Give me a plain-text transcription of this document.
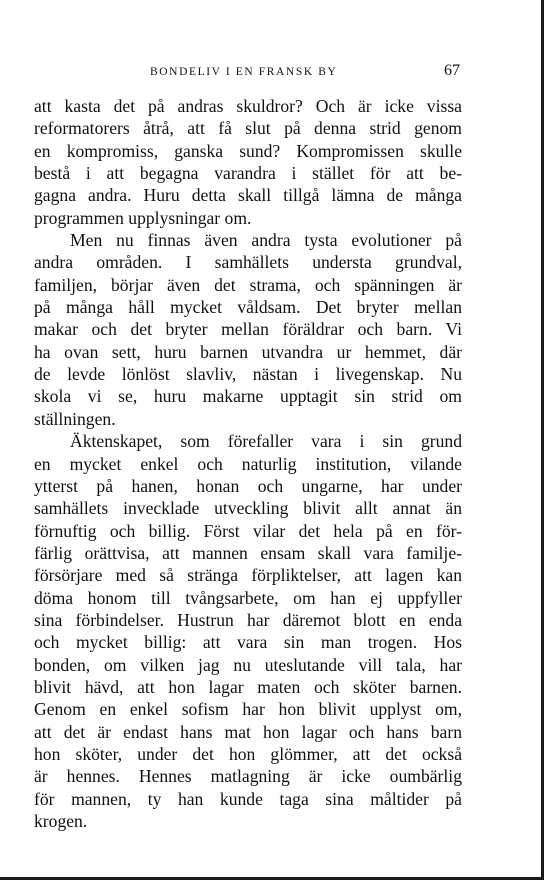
BONDELIV I EN FRANSK BY	67
att kasta det på andras skuldror? Och är icke vissa
reformatorers åtrå, att få slut på denna strid genom
en kompromiss, ganska sund? Kompromissen skulle
bestå i att begagna varandra i stället för att be-
gagna andra. Huru detta skall tillgå lämna de många
programmen upplysningar om.
Men nu finnas även andra tysta evolutioner på
andra områden. I samhällets understa grundval,
familjen, börjar även det strama, och spänningen är
på många håll mycket våldsam. Det bryter mellan
makar och det bryter mellan föräldrar och barn. Vi
ha ovan sett, huru barnen utvandra ur hemmet, där
de levde lönlöst slavliv, nästan i livegenskap. Nu
skola vi se, huru makarne upptagit sin strid om
ställningen.
Äktenskapet, som förefaller vara i sin grund
en mycket enkel och naturlig institution, vilande
ytterst på hanen, honan och ungarne, har under
samhällets invecklade utveckling blivit allt annat än
förnuftig och billig. Först vilar det hela på en för-
färlig orättvisa, att mannen ensam skall vara familje-
försörjare med så stränga förpliktelser, att lagen kan
döma honom till tvångsarbete, om han ej uppfyller
sina förbindelser. Hustrun har däremot blott en enda
och mycket billig: att vara sin man trogen. Hos
bonden, om vilken jag nu uteslutande vill tala, har
blivit hävd, att hon lagar maten och sköter barnen.
Genom en enkel sofism har hon blivit upplyst om,
att det är endast hans mat hon lagar och hans barn
hon sköter, under det hon glömmer, att det också
är hennes. Hennes matlagning är icke oumbärlig
för mannen, ty han kunde taga sina måltider på
krogen.
